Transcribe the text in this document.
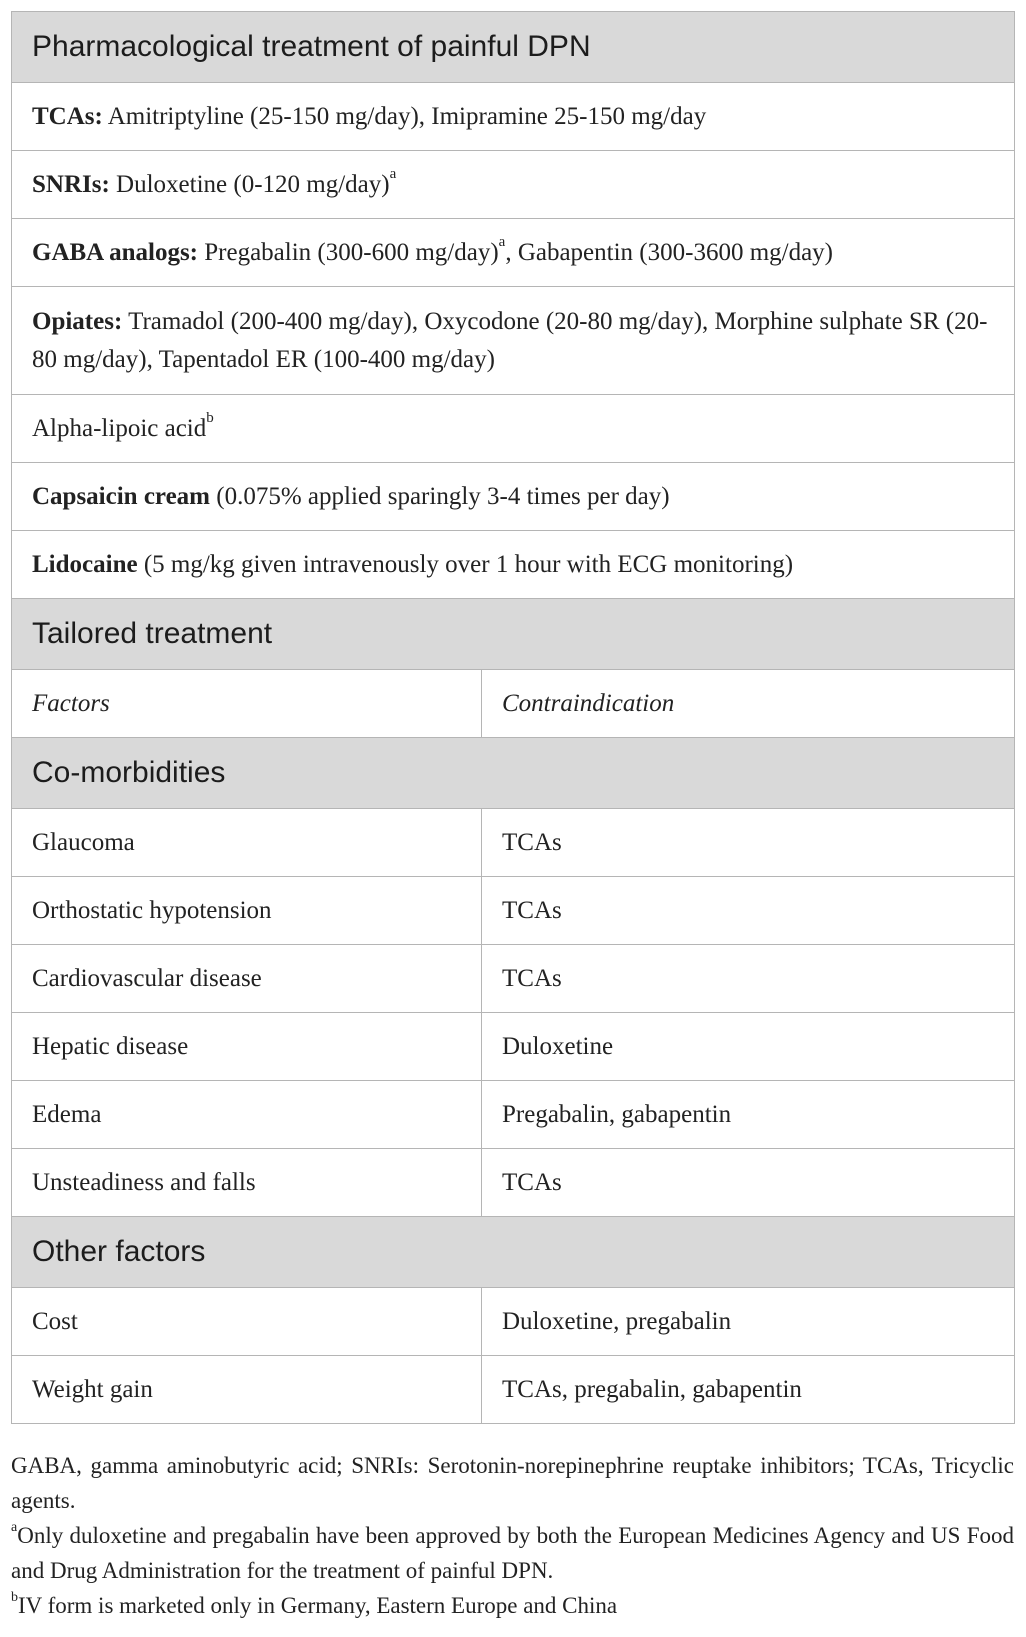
Pharmacological treatment of painful DPN	
TCAs: Amitriptyline (25-150 mg/day), Imipramine 25-150 mg/day	
SNRIs: Duloxetine (0-120 mg/day)$^a$
GABA analogs: Pregabalin (300-600 mg/day)$^a$, Gabapentin (300-3600 mg/day)	
Opiates: Tramadol (200-400 mg/day), Oxycodone (20-80 mg/day), Morphine sulphate SR (20-80 mg/day), Tapentadol ER (100-400 mg/day)	
Alpha-lipoic acid$^b$
Capsaicin cream (0.075% applied sparingly 3-4 times per day)	
Lidocaine (5 mg/kg given intravenously over 1 hour with ECG monitoring)	
Tailored treatment	
Factors	Contraindication
Co-morbidities	
Glaucoma	TCAs
Orthostatic hypotension	TCAs
Cardiovascular disease	TCAs
Hepatic disease	Duloxetine
Edema	Pregabalin, gabapentin
Unsteadiness and falls	TCAs
Other factors	
Cost	Duloxetine, pregabalin
Weight gain	TCAs, pregabalin, gabapentin

GABA, gamma aminobutyric acid; SNRIs: Serotonin-norepinephrine reuptake inhibitors; TCAs, Tricyclic agents.

$^a$Only duloxetine and pregabalin have been approved by both the European Medicines Agency and US Food and Drug Administration for the treatment of painful DPN.

$^b$IV form is marketed only in Germany, Eastern Europe and China
